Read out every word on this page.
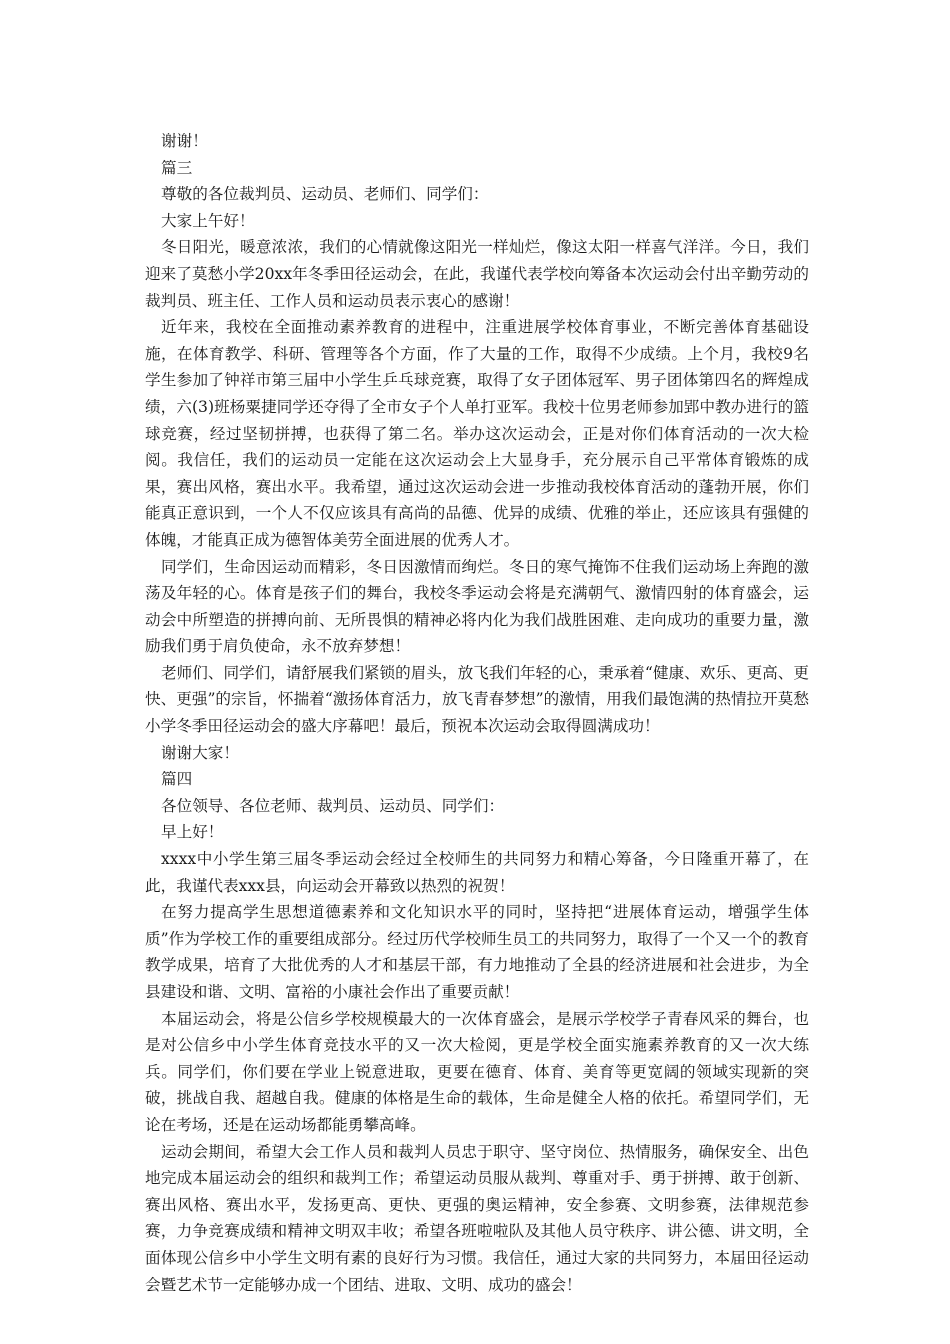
谢谢！

篇三

尊敬的各位裁判员、运动员、老师们、同学们：

大家上午好！

冬日阳光，暖意浓浓，我们的心情就像这阳光一样灿烂，像这太阳一样喜气洋洋。今日，我们迎来了莫愁小学20xx年冬季田径运动会，在此，我谨代表学校向筹备本次运动会付出辛勤劳动的裁判员、班主任、工作人员和运动员表示衷心的感谢！

近年来，我校在全面推动素养教育的进程中，注重进展学校体育事业，不断完善体育基础设施，在体育教学、科研、管理等各个方面，作了大量的工作，取得不少成绩。上个月，我校9名学生参加了钟祥市第三届中小学生乒乓球竞赛，取得了女子团体冠军、男子团体第四名的辉煌成绩，六(3)班杨粟捷同学还夺得了全市女子个人单打亚军。我校十位男老师参加郢中教办进行的篮球竞赛，经过坚韧拼搏，也获得了第二名。举办这次运动会，正是对你们体育活动的一次大检阅。我信任，我们的运动员一定能在这次运动会上大显身手，充分展示自己平常体育锻炼的成果，赛出风格，赛出水平。我希望，通过这次运动会进一步推动我校体育活动的蓬勃开展，你们能真正意识到，一个人不仅应该具有高尚的品德、优异的成绩、优雅的举止，还应该具有强健的体魄，才能真正成为德智体美劳全面进展的优秀人才。

同学们，生命因运动而精彩，冬日因激情而绚烂。冬日的寒气掩饰不住我们运动场上奔跑的激荡及年轻的心。体育是孩子们的舞台，我校冬季运动会将是充满朝气、激情四射的体育盛会，运动会中所塑造的拼搏向前、无所畏惧的精神必将内化为我们战胜困难、走向成功的重要力量，激励我们勇于肩负使命，永不放弃梦想！

老师们、同学们，请舒展我们紧锁的眉头，放飞我们年轻的心，秉承着“健康、欢乐、更高、更快、更强”的宗旨，怀揣着“激扬体育活力，放飞青春梦想”的激情，用我们最饱满的热情拉开莫愁小学冬季田径运动会的盛大序幕吧！最后，预祝本次运动会取得圆满成功！

谢谢大家！

篇四

各位领导、各位老师、裁判员、运动员、同学们：

早上好！

xxxx中小学生第三届冬季运动会经过全校师生的共同努力和精心筹备，今日隆重开幕了，在此，我谨代表xxx县，向运动会开幕致以热烈的祝贺！

在努力提高学生思想道德素养和文化知识水平的同时，坚持把“进展体育运动，增强学生体质”作为学校工作的重要组成部分。经过历代学校师生员工的共同努力，取得了一个又一个的教育教学成果，培育了大批优秀的人才和基层干部，有力地推动了全县的经济进展和社会进步，为全县建设和谐、文明、富裕的小康社会作出了重要贡献！

本届运动会，将是公信乡学校规模最大的一次体育盛会，是展示学校学子青春风采的舞台，也是对公信乡中小学生体育竞技水平的又一次大检阅，更是学校全面实施素养教育的又一次大练兵。同学们，你们要在学业上锐意进取，更要在德育、体育、美育等更宽阔的领域实现新的突破，挑战自我、超越自我。健康的体格是生命的载体，生命是健全人格的依托。希望同学们，无论在考场，还是在运动场都能勇攀高峰。

运动会期间，希望大会工作人员和裁判人员忠于职守、坚守岗位、热情服务，确保安全、出色地完成本届运动会的组织和裁判工作；希望运动员服从裁判、尊重对手、勇于拼搏、敢于创新、赛出风格、赛出水平，发扬更高、更快、更强的奥运精神，安全参赛、文明参赛，法律规范参赛，力争竞赛成绩和精神文明双丰收；希望各班啦啦队及其他人员守秩序、讲公德、讲文明，全面体现公信乡中小学生文明有素的良好行为习惯。我信任，通过大家的共同努力，本届田径运动会暨艺术节一定能够办成一个团结、进取、文明、成功的盛会！
